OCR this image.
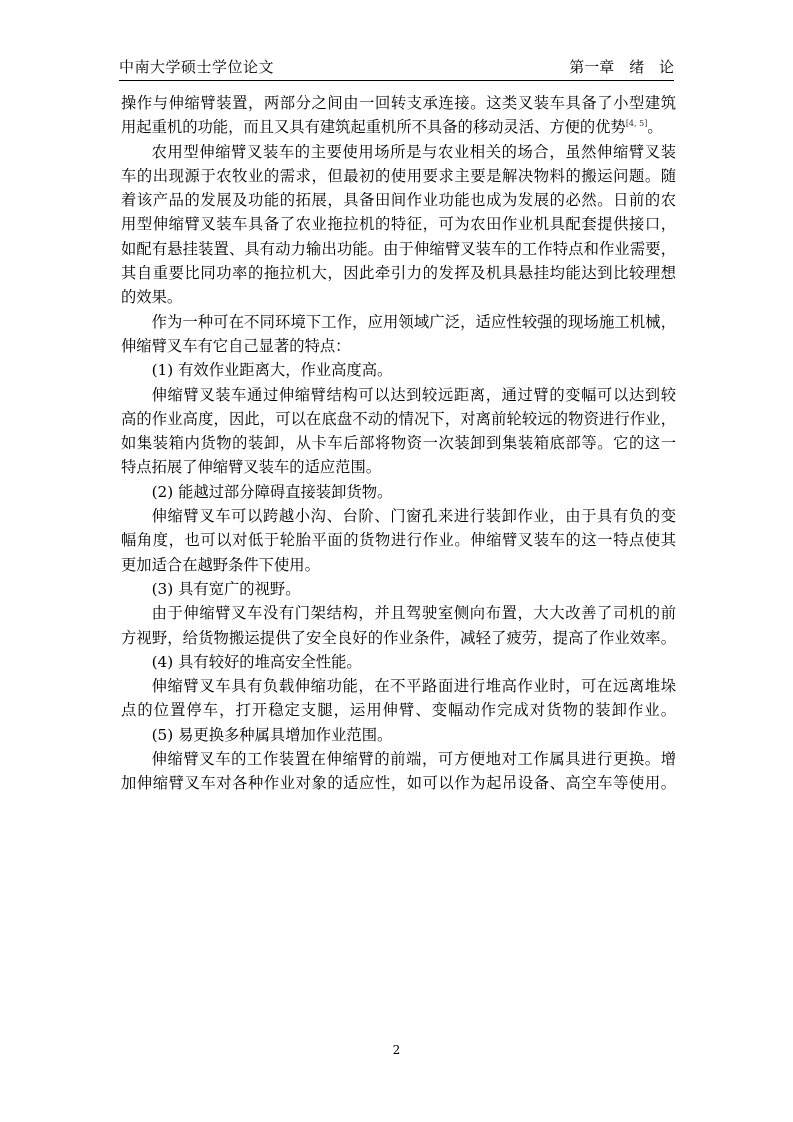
中南大学硕士学位论文	第一章　绪 论

操作与伸缩臂装置，两部分之间由一回转支承连接。这类叉装车具备了小型建筑
用起重机的功能，而且又具有建筑起重机所不具备的移动灵活、方便的优势[4, 5]。

农用型伸缩臂叉装车的主要使用场所是与农业相关的场合，虽然伸缩臂叉装
车的出现源于农牧业的需求，但最初的使用要求主要是解决物料的搬运问题。随
着该产品的发展及功能的拓展，具备田间作业功能也成为发展的必然。日前的农
用型伸缩臂叉装车具备了农业拖拉机的特征，可为农田作业机具配套提供接口，
如配有悬挂装置、具有动力输出功能。由于伸缩臂叉装车的工作特点和作业需要，
其自重要比同功率的拖拉机大，因此牵引力的发挥及机具悬挂均能达到比较理想
的效果。

作为一种可在不同环境下工作，应用领域广泛，适应性较强的现场施工机械，
伸缩臂叉车有它自己显著的特点：

(1) 有效作业距离大，作业高度高。

伸缩臂叉装车通过伸缩臂结构可以达到较远距离，通过臂的变幅可以达到较
高的作业高度，因此，可以在底盘不动的情况下，对离前轮较远的物资进行作业，
如集装箱内货物的装卸，从卡车后部将物资一次装卸到集装箱底部等。它的这一
特点拓展了伸缩臂叉装车的适应范围。

(2) 能越过部分障碍直接装卸货物。

伸缩臂叉车可以跨越小沟、台阶、门窗孔来进行装卸作业，由于具有负的变
幅角度，也可以对低于轮胎平面的货物进行作业。伸缩臂叉装车的这一特点使其
更加适合在越野条件下使用。

(3) 具有宽广的视野。

由于伸缩臂叉车没有门架结构，并且驾驶室侧向布置，大大改善了司机的前
方视野，给货物搬运提供了安全良好的作业条件，减轻了疲劳，提高了作业效率。

(4) 具有较好的堆高安全性能。

伸缩臂叉车具有负载伸缩功能，在不平路面进行堆高作业时，可在远离堆垛
点的位置停车，打开稳定支腿，运用伸臂、变幅动作完成对货物的装卸作业。

(5) 易更换多种属具增加作业范围。

伸缩臂叉车的工作装置在伸缩臂的前端，可方便地对工作属具进行更换。增
加伸缩臂叉车对各种作业对象的适应性，如可以作为起吊设备、高空车等使用。

2
